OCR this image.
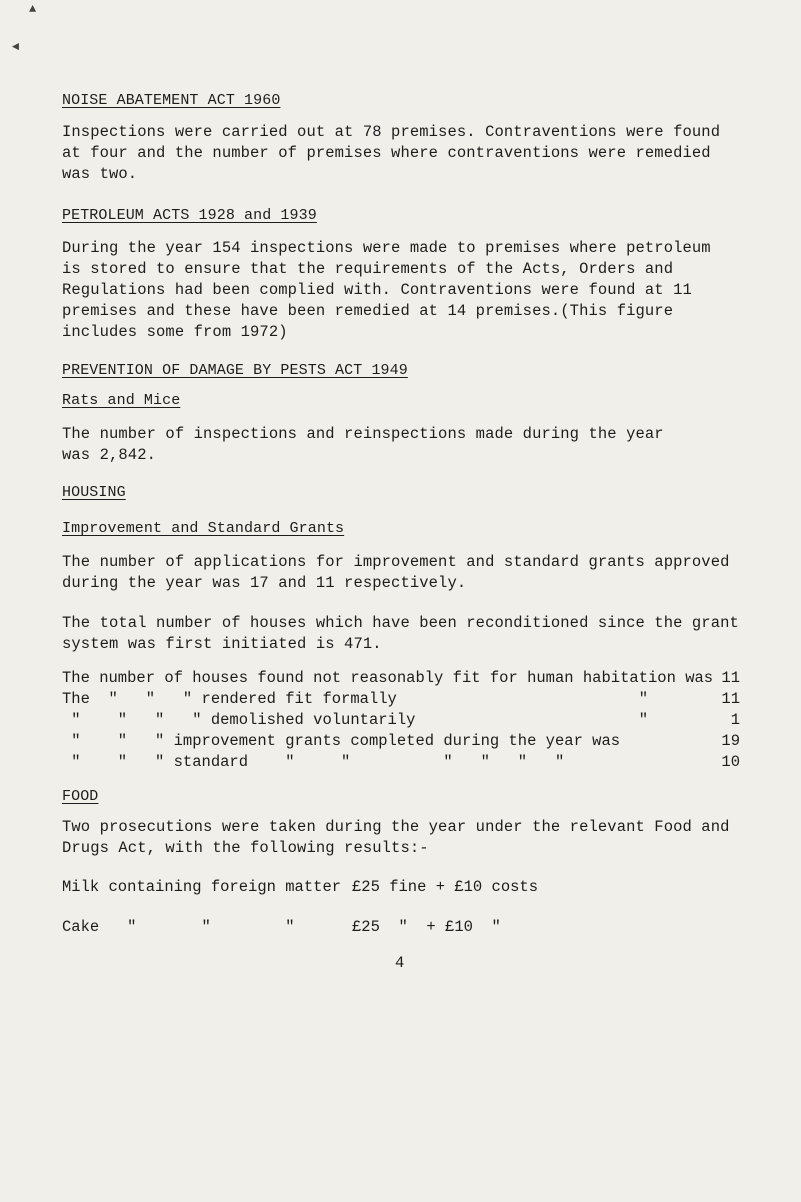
▲
◄
NOISE ABATEMENT ACT 1960
Inspections were carried out at 78 premises. Contraventions were found
at four and the number of premises where contraventions were remedied
was two.
PETROLEUM ACTS 1928 and 1939
During the year 154 inspections were made to premises where petroleum
is stored to ensure that the requirements of the Acts, Orders and
Regulations had been complied with. Contraventions were found at 11
premises and these have been remedied at 14 premises.(This figure
includes some from 1972)
PREVENTION OF DAMAGE BY PESTS ACT 1949
Rats and Mice
The number of inspections and reinspections made during the year
was 2,842.
HOUSING
Improvement and Standard Grants
The number of applications for improvement and standard grants approved
during the year was 17 and 11 respectively.
The total number of houses which have been reconditioned since the grant
system was first initiated is 471.
The number of houses found not reasonably fit for human habitation was 11
The  "   "   " rendered fit formally                          "	11
"    "   "   " demolished voluntarily                        "	1
"    "   " improvement grants completed during the year was	19
"    "   " standard    "     "          "   "   "   "	10
FOOD
Two prosecutions were taken during the year under the relevant Food and
Drugs Act, with the following results:-
Milk containing foreign matter £25 fine + £10 costs
Cake   "       "        "	£25  "  + £10  "
4
